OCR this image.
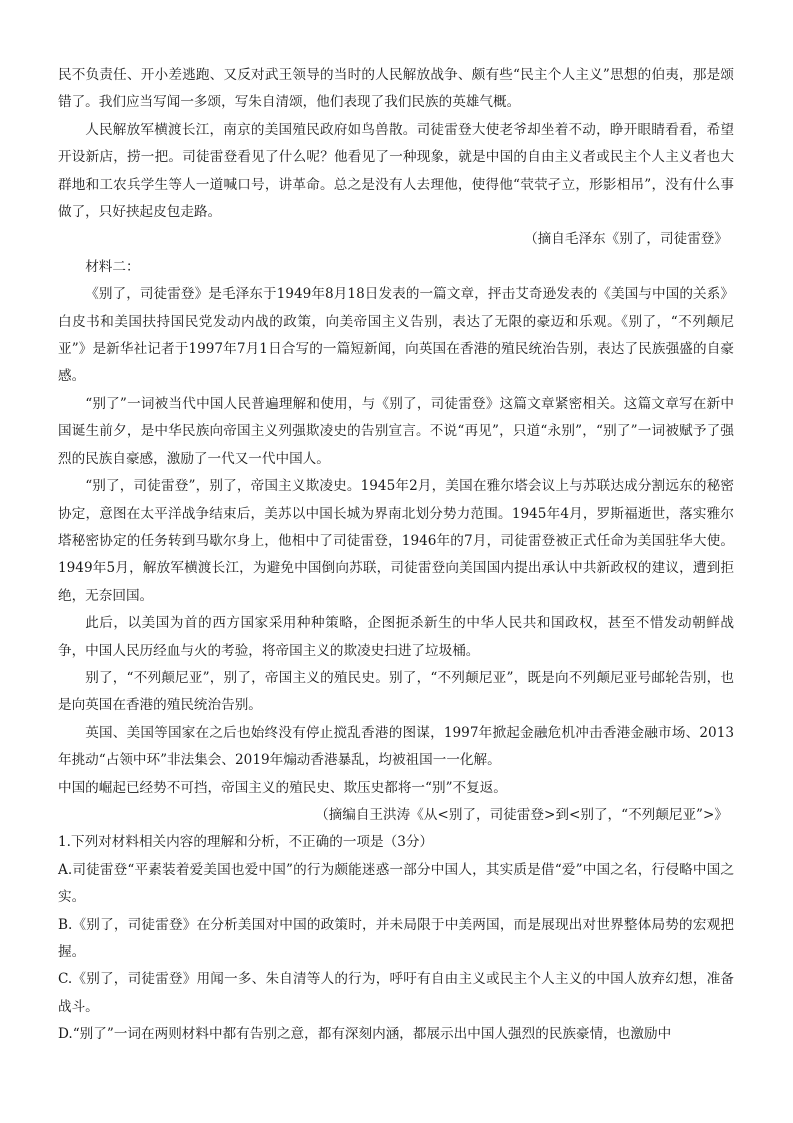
民不负责任、开小差逃跑、又反对武王领导的当时的人民解放战争、颇有些“民主个人主义”思想的伯夷，那是颂错了。我们应当写闻一多颂，写朱自清颂，他们表现了我们民族的英雄气概。

人民解放军横渡长江，南京的美国殖民政府如鸟兽散。司徒雷登大使老爷却坐着不动，睁开眼睛看看，希望开设新店，捞一把。司徒雷登看见了什么呢？他看见了一种现象，就是中国的自由主义者或民主个人主义者也大群地和工农兵学生等人一道喊口号，讲革命。总之是没有人去理他，使得他“茕茕孑立，形影相吊”，没有什么事做了，只好挟起皮包走路。

（摘自毛泽东《别了，司徒雷登》

材料二：

《别了，司徒雷登》是毛泽东于1949年8月18日发表的一篇文章，抨击艾奇逊发表的《美国与中国的关系》白皮书和美国扶持国民党发动内战的政策，向美帝国主义告别，表达了无限的豪迈和乐观。《别了，“不列颠尼亚”》是新华社记者于1997年7月1日合写的一篇短新闻，向英国在香港的殖民统治告别，表达了民族强盛的自豪感。

“别了”一词被当代中国人民普遍理解和使用，与《别了，司徒雷登》这篇文章紧密相关。这篇文章写在新中国诞生前夕，是中华民族向帝国主义列强欺凌史的告别宣言。不说“再见”，只道“永别”，“别了”一词被赋予了强烈的民族自豪感，激励了一代又一代中国人。

“别了，司徒雷登”，别了，帝国主义欺凌史。1945年2月，美国在雅尔塔会议上与苏联达成分割远东的秘密协定，意图在太平洋战争结束后，美苏以中国长城为界南北划分势力范围。1945年4月，罗斯福逝世，落实雅尔塔秘密协定的任务转到马歇尔身上，他相中了司徒雷登，1946年的7月，司徒雷登被正式任命为美国驻华大使。1949年5月，解放军横渡长江，为避免中国倒向苏联，司徒雷登向美国国内提出承认中共新政权的建议，遭到拒绝，无奈回国。

此后，以美国为首的西方国家采用种种策略，企图扼杀新生的中华人民共和国政权，甚至不惜发动朝鲜战争，中国人民历经血与火的考验，将帝国主义的欺凌史扫进了垃圾桶。

别了，“不列颠尼亚”，别了，帝国主义的殖民史。别了，“不列颠尼亚”，既是向不列颠尼亚号邮轮告别，也是向英国在香港的殖民统治告别。

英国、美国等国家在之后也始终没有停止搅乱香港的图谋，1997年掀起金融危机冲击香港金融市场、2013年挑动“占领中环”非法集会、2019年煽动香港暴乱，均被祖国一一化解。

中国的崛起已经势不可挡，帝国主义的殖民史、欺压史都将一“别”不复返。

（摘编自王洪涛《从<别了，司徒雷登>到<别了，“不列颠尼亚”>》

1.下列对材料相关内容的理解和分析，不正确的一项是（3分）

A.司徒雷登“平素装着爱美国也爱中国”的行为颇能迷惑一部分中国人，其实质是借“爱”中国之名，行侵略中国之实。

B.《别了，司徒雷登》在分析美国对中国的政策时，并未局限于中美两国，而是展现出对世界整体局势的宏观把握。

C.《别了，司徒雷登》用闻一多、朱自清等人的行为，呼吁有自由主义或民主个人主义的中国人放弃幻想，准备战斗。

D.“别了”一词在两则材料中都有告别之意，都有深刻内涵，都展示出中国人强烈的民族豪情，也激励中
